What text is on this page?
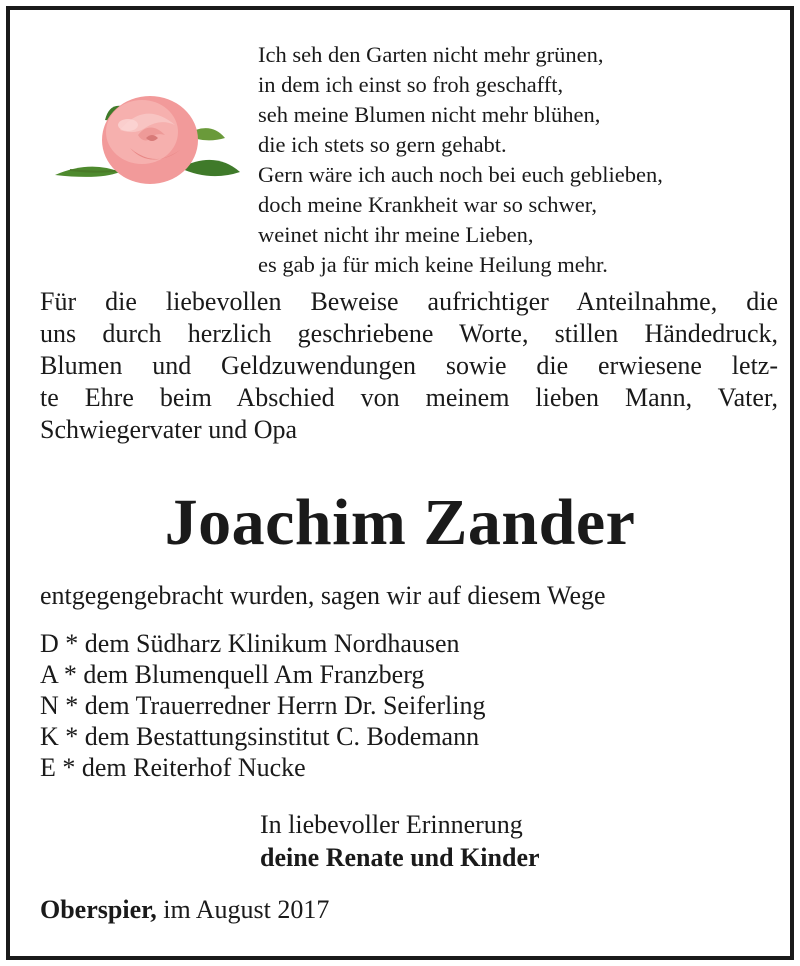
Ich seh den Garten nicht mehr grünen,
in dem ich einst so froh geschafft,
seh meine Blumen nicht mehr blühen,
die ich stets so gern gehabt.
Gern wäre ich auch noch bei euch geblieben,
doch meine Krankheit war so schwer,
weinet nicht ihr meine Lieben,
es gab ja für mich keine Heilung mehr.
Für die liebevollen Beweise aufrichtiger Anteilnahme, die
uns durch herzlich geschriebene Worte, stillen Händedruck,
Blumen und Geldzuwendungen sowie die erwiesene letz-
te Ehre beim Abschied von meinem lieben Mann, Vater,
Schwiegervater und Opa
Joachim Zander
entgegengebracht wurden, sagen wir auf diesem Wege
D * dem Südharz Klinikum Nordhausen
A * dem Blumenquell Am Franzberg
N * dem Trauerredner Herrn Dr. Seiferling
K * dem Bestattungsinstitut C. Bodemann
E * dem Reiterhof Nucke
In liebevoller Erinnerung
deine Renate und Kinder
Oberspier, im August 2017
